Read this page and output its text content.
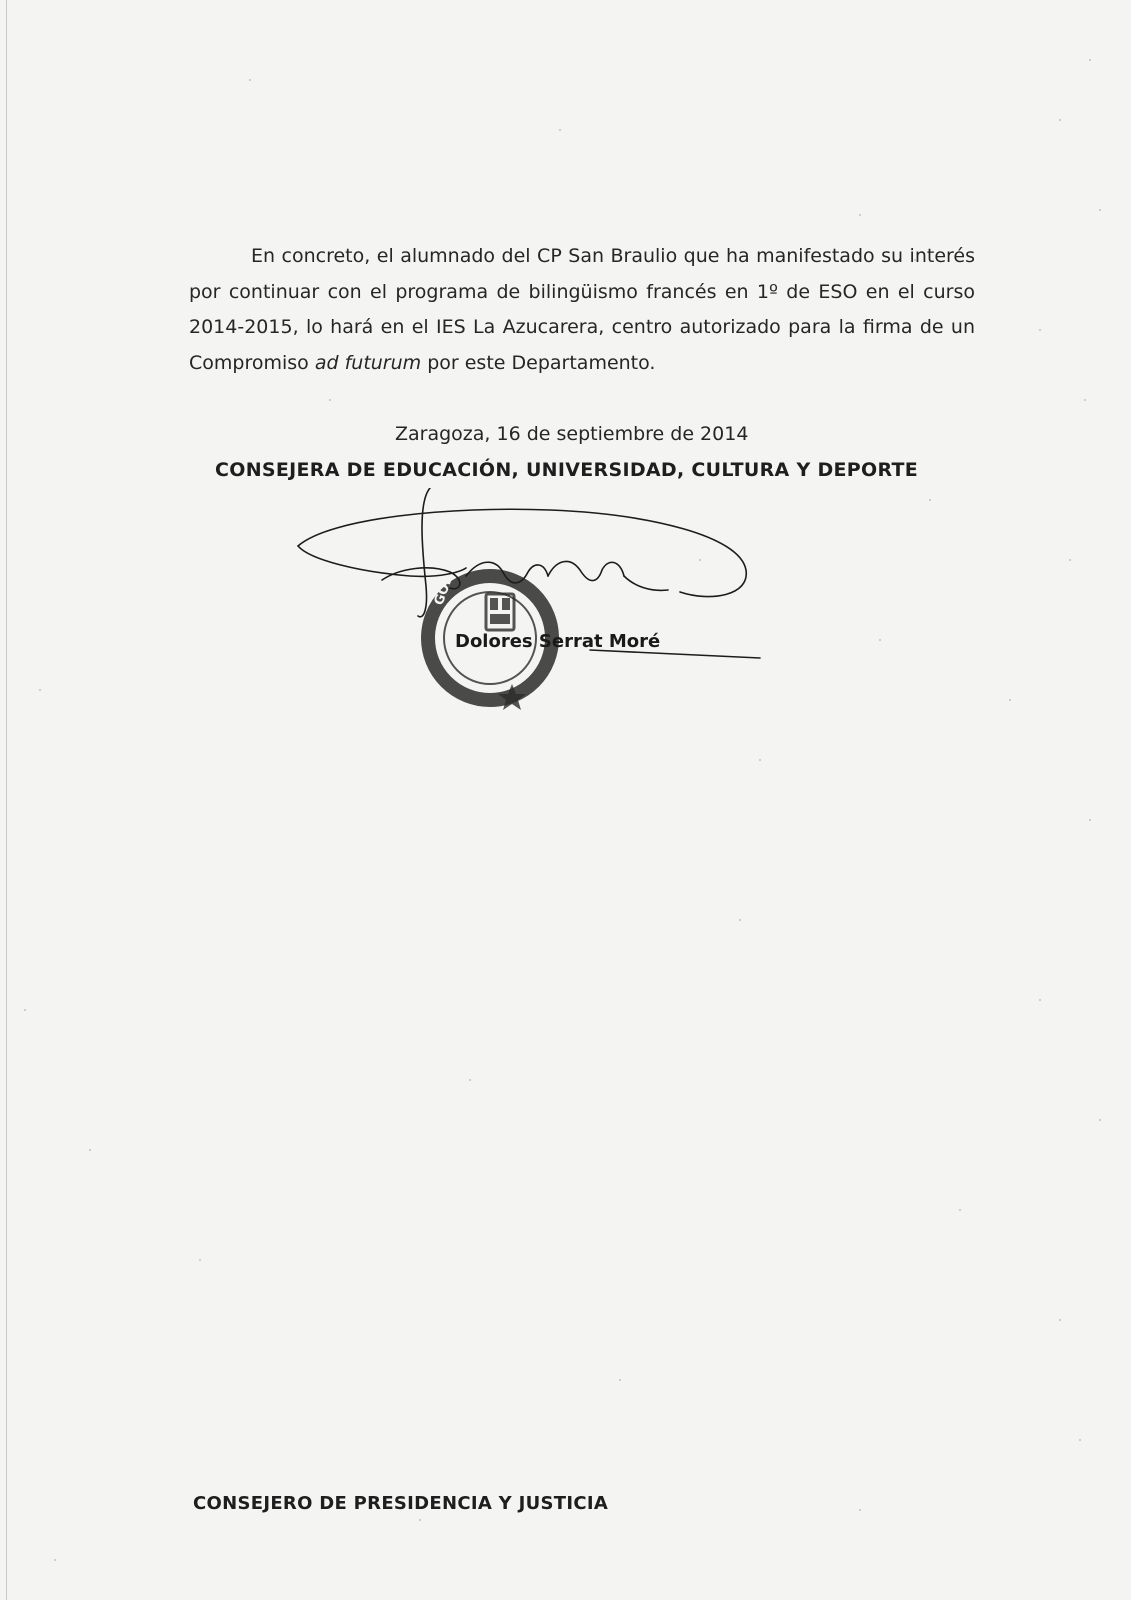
En concreto, el alumnado del CP San Braulio que ha manifestado su interés por continuar con el programa de bilingüismo francés en 1º de ESO en el curso 2014-2015, lo hará en el IES La Azucarera, centro autorizado para la firma de un Compromiso ad futurum por este Departamento.
Zaragoza, 16 de septiembre de 2014
CONSEJERA DE EDUCACIÓN, UNIVERSIDAD, CULTURA Y DEPORTE
GOBIE
Dolores Serrat Moré
CONSEJERO DE PRESIDENCIA Y JUSTICIA
